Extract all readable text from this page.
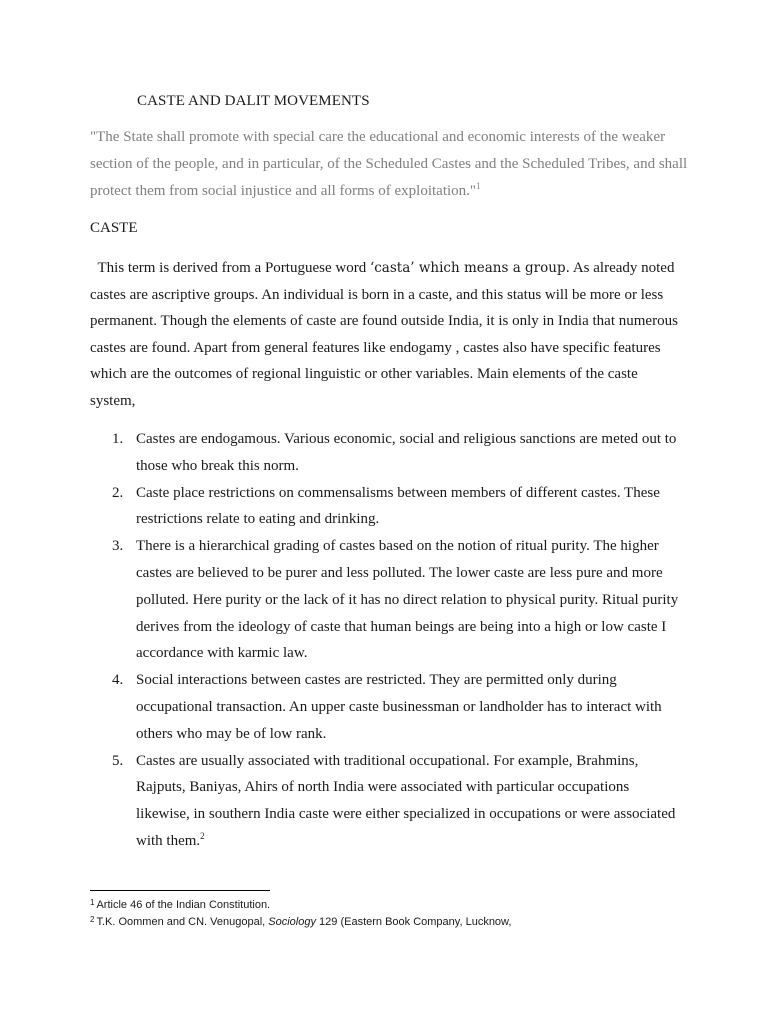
CASTE AND DALIT MOVEMENTS

"The State shall promote with special care the educational and economic interests of the weaker section of the people, and in particular, of the Scheduled Castes and the Scheduled Tribes, and shall protect them from social injustice and all forms of exploitation."$^1$

CASTE

This term is derived from a Portuguese word ‘casta’ which means a group. As already noted castes are ascriptive groups. An individual is born in a caste, and this status will be more or less permanent. Though the elements of caste are found outside India, it is only in India that numerous castes are found. Apart from general features like endogamy , castes also have specific features which are the outcomes of regional linguistic or other variables. Main elements of the caste system,

1. Castes are endogamous. Various economic, social and religious sanctions are meted out to those who break this norm.
2. Caste place restrictions on commensalisms between members of different castes. These restrictions relate to eating and drinking.
3. There is a hierarchical grading of castes based on the notion of ritual purity. The higher castes are believed to be purer and less polluted. The lower caste are less pure and more polluted. Here purity or the lack of it has no direct relation to physical purity. Ritual purity derives from the ideology of caste that human beings are being into a high or low caste I accordance with karmic law.
4. Social interactions between castes are restricted. They are permitted only during occupational transaction. An upper caste businessman or landholder has to interact with others who may be of low rank.
5. Castes are usually associated with traditional occupational. For example, Brahmins, Rajputs, Baniyas, Ahirs of north India were associated with particular occupations likewise, in southern India caste were either specialized in occupations or were associated with them.$^2$
$^1$ Article 46 of the Indian Constitution.
$^2$ T.K. Oommen and CN. Venugopal, Sociology 129 (Eastern Book Company, Lucknow,
